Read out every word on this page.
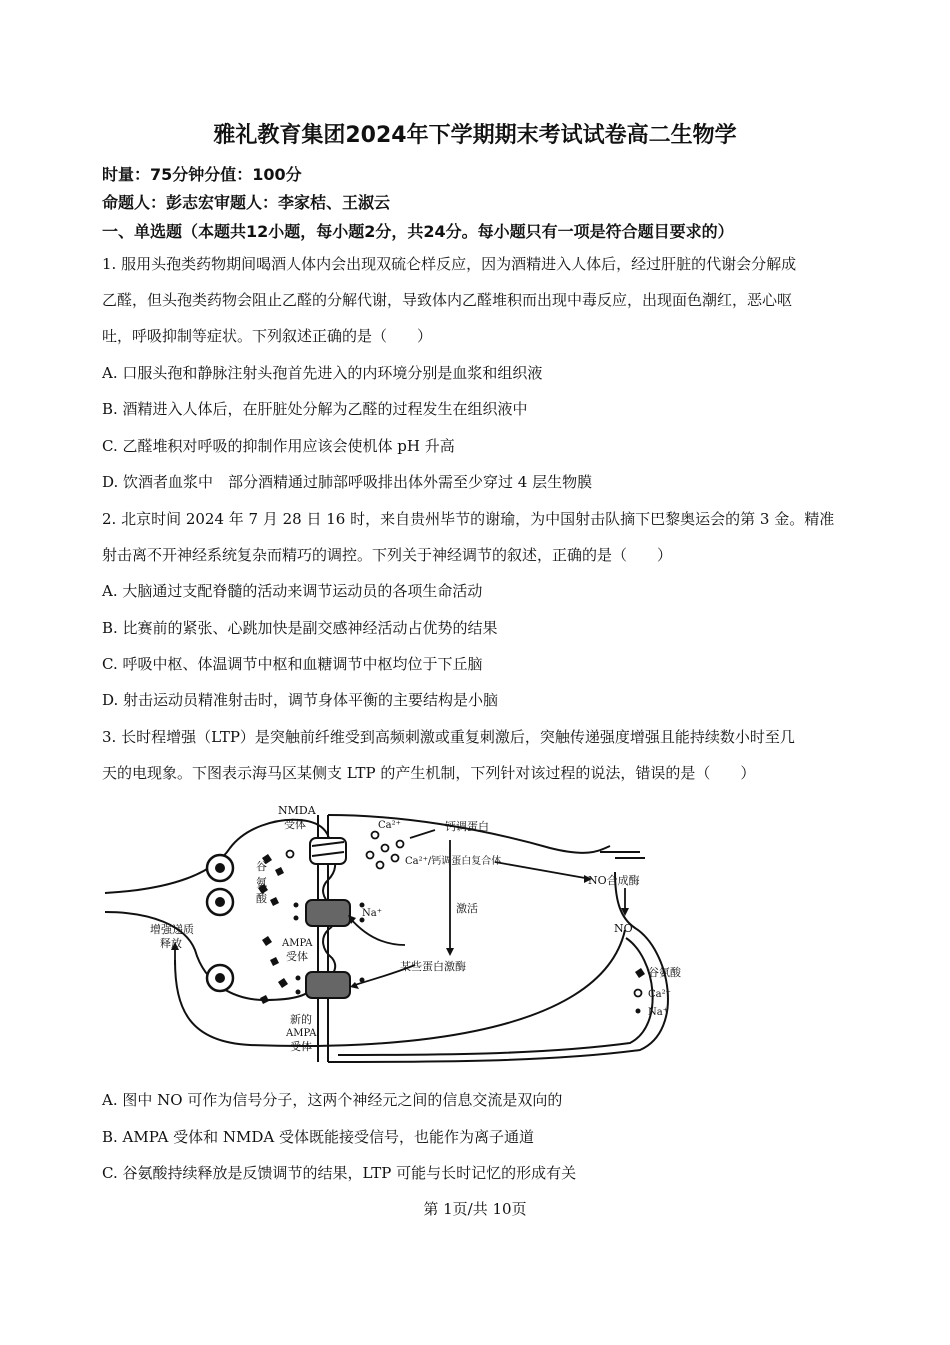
雅礼教育集团2024年下学期期末考试试卷高二生物学
时量：75分钟分值：100分
命题人：彭志宏审题人：李家桔、王淑云
一、单选题（本题共12小题，每小题2分，共24分。每小题只有一项是符合题目要求的）
1. 服用头孢类药物期间喝酒人体内会出现双硫仑样反应，因为酒精进入人体后，经过肝脏的代谢会分解成
乙醛，但头孢类药物会阻止乙醛的分解代谢，导致体内乙醛堆积而出现中毒反应，出现面色潮红，恶心呕
吐，呼吸抑制等症状。下列叙述正确的是（　　）
A. 口服头孢和静脉注射头孢首先进入的内环境分别是血浆和组织液
B. 酒精进入人体后，在肝脏处分解为乙醛的过程发生在组织液中
C. 乙醛堆积对呼吸的抑制作用应该会使机体 pH 升高
D. 饮酒者血浆中　部分酒精通过肺部呼吸排出体外需至少穿过 4 层生物膜
2. 北京时间 2024 年 7 月 28 日 16 时，来自贵州毕节的谢瑜，为中国射击队摘下巴黎奥运会的第 3 金。精准
射击离不开神经系统复杂而精巧的调控。下列关于神经调节的叙述，正确的是（　　）
A. 大脑通过支配脊髓的活动来调节运动员的各项生命活动
B. 比赛前的紧张、心跳加快是副交感神经活动占优势的结果
C. 呼吸中枢、体温调节中枢和血糖调节中枢均位于下丘脑
D. 射击运动员精准射击时，调节身体平衡的主要结构是小脑
3. 长时程增强（LTP）是突触前纤维受到高频刺激或重复刺激后，突触传递强度增强且能持续数小时至几
天的电现象。下图表示海马区某侧支 LTP 的产生机制，下列针对该过程的说法，错误的是（　　）
NMDA
受体	Ca²⁺	钙调蛋白
Ca²⁺/钙调蛋白复合体
NO合成酶
谷
氨
酸
Na⁺	激活
NO
增强递质
释放	AMPA
受体
某些蛋白激酶
新的
AMPA
受体
谷氨酸
Ca²⁺
Na⁺
A. 图中 NO 可作为信号分子，这两个神经元之间的信息交流是双向的
B. AMPA 受体和 NMDA 受体既能接受信号，也能作为离子通道
C. 谷氨酸持续释放是反馈调节的结果，LTP 可能与长时记忆的形成有关
第 1页/共 10页
